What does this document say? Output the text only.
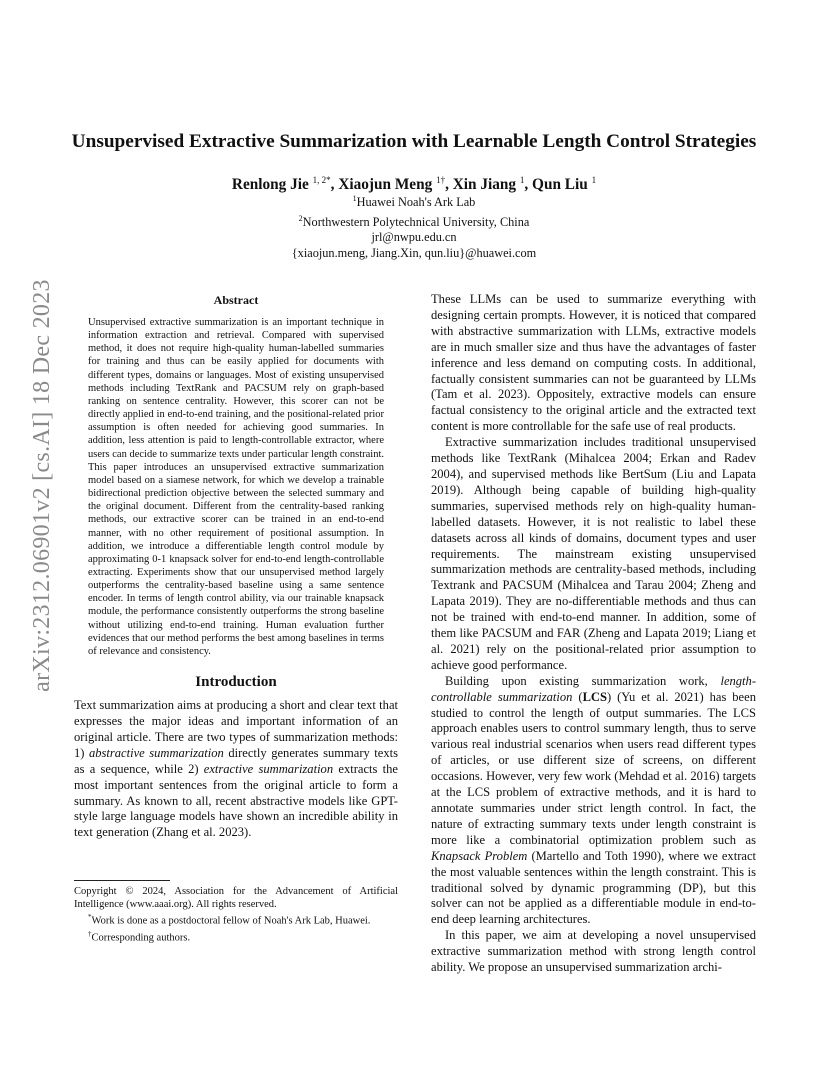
arXiv:2312.06901v2 [cs.AI] 18 Dec 2023
Unsupervised Extractive Summarization with Learnable Length Control Strategies
Renlong Jie $^{1, 2*}$, Xiaojun Meng $^{1\dagger}$, Xin Jiang $^1$, Qun Liu $^1$
$^1$Huawei Noah's Ark Lab
$^2$Northwestern Polytechnical University, China
jrl@nwpu.edu.cn
{xiaojun.meng, Jiang.Xin, qun.liu}@huawei.com
Abstract
Unsupervised extractive summarization is an important technique in information extraction and retrieval. Compared with supervised method, it does not require high-quality human-labelled summaries for training and thus can be easily applied for documents with different types, domains or languages. Most of existing unsupervised methods including TextRank and PACSUM rely on graph-based ranking on sentence centrality. However, this scorer can not be directly applied in end-to-end training, and the positional-related prior assumption is often needed for achieving good summaries. In addition, less attention is paid to length-controllable extractor, where users can decide to summarize texts under particular length constraint. This paper introduces an unsupervised extractive summarization model based on a siamese network, for which we develop a trainable bidirectional prediction objective between the selected summary and the original document. Different from the centrality-based ranking methods, our extractive scorer can be trained in an end-to-end manner, with no other requirement of positional assumption. In addition, we introduce a differentiable length control module by approximating 0-1 knapsack solver for end-to-end length-controllable extracting. Experiments show that our unsupervised method largely outperforms the centrality-based baseline using a same sentence encoder. In terms of length control ability, via our trainable knapsack module, the performance consistently outperforms the strong baseline without utilizing end-to-end training. Human evaluation further evidences that our method performs the best among baselines in terms of relevance and consistency.
Introduction

Text summarization aims at producing a short and clear text that expresses the major ideas and important information of an original article. There are two types of summarization methods: 1) abstractive summarization directly generates summary texts as a sequence, while 2) extractive summarization extracts the most important sentences from the original article to form a summary. As known to all, recent abstractive models like GPT-style large language models have shown an incredible ability in text generation (Zhang et al. 2023).

Copyright © 2024, Association for the Advancement of Artificial Intelligence (www.aaai.org). All rights reserved.

*Work is done as a postdoctoral fellow of Noah's Ark Lab, Huawei.

†Corresponding authors.

These LLMs can be used to summarize everything with designing certain prompts. However, it is noticed that compared with abstractive summarization with LLMs, extractive models are in much smaller size and thus have the advantages of faster inference and less demand on computing costs. In additional, factually consistent summaries can not be guaranteed by LLMs (Tam et al. 2023). Oppositely, extractive models can ensure factual consistency to the original article and the extracted text content is more controllable for the safe use of real products.

Extractive summarization includes traditional unsupervised methods like TextRank (Mihalcea 2004; Erkan and Radev 2004), and supervised methods like BertSum (Liu and Lapata 2019). Although being capable of building high-quality summaries, supervised methods rely on high-quality human-labelled datasets. However, it is not realistic to label these datasets across all kinds of domains, document types and user requirements. The mainstream existing unsupervised summarization methods are centrality-based methods, including Textrank and PACSUM (Mihalcea and Tarau 2004; Zheng and Lapata 2019). They are no-differentiable methods and thus can not be trained with end-to-end manner. In addition, some of them like PACSUM and FAR (Zheng and Lapata 2019; Liang et al. 2021) rely on the positional-related prior assumption to achieve good performance.

Building upon existing summarization work, length-controllable summarization (LCS) (Yu et al. 2021) has been studied to control the length of output summaries. The LCS approach enables users to control summary length, thus to serve various real industrial scenarios when users read different types of articles, or use different size of screens, on different occasions. However, very few work (Mehdad et al. 2016) targets at the LCS problem of extractive methods, and it is hard to annotate summaries under strict length control. In fact, the nature of extracting summary texts under length constraint is more like a combinatorial optimization problem such as Knapsack Problem (Martello and Toth 1990), where we extract the most valuable sentences within the length constraint. This is traditional solved by dynamic programming (DP), but this solver can not be applied as a differentiable module in end-to-end deep learning architectures.

In this paper, we aim at developing a novel unsupervised extractive summarization method with strong length control ability. We propose an unsupervised summarization archi-
